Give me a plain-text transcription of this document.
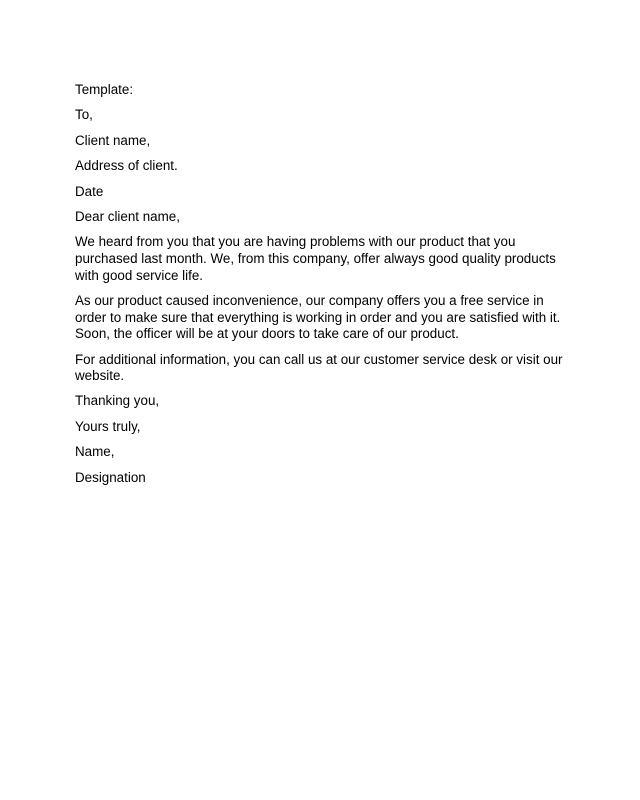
Template:
To,
Client name,
Address of client.
Date
Dear client name,
We heard from you that you are having problems with our product that you purchased last month. We, from this company, offer always good quality products with good service life.
As our product caused inconvenience, our company offers you a free service in order to make sure that everything is working in order and you are satisfied with it. Soon, the officer will be at your doors to take care of our product.
For additional information, you can call us at our customer service desk or visit our website.
Thanking you,
Yours truly,
Name,
Designation
